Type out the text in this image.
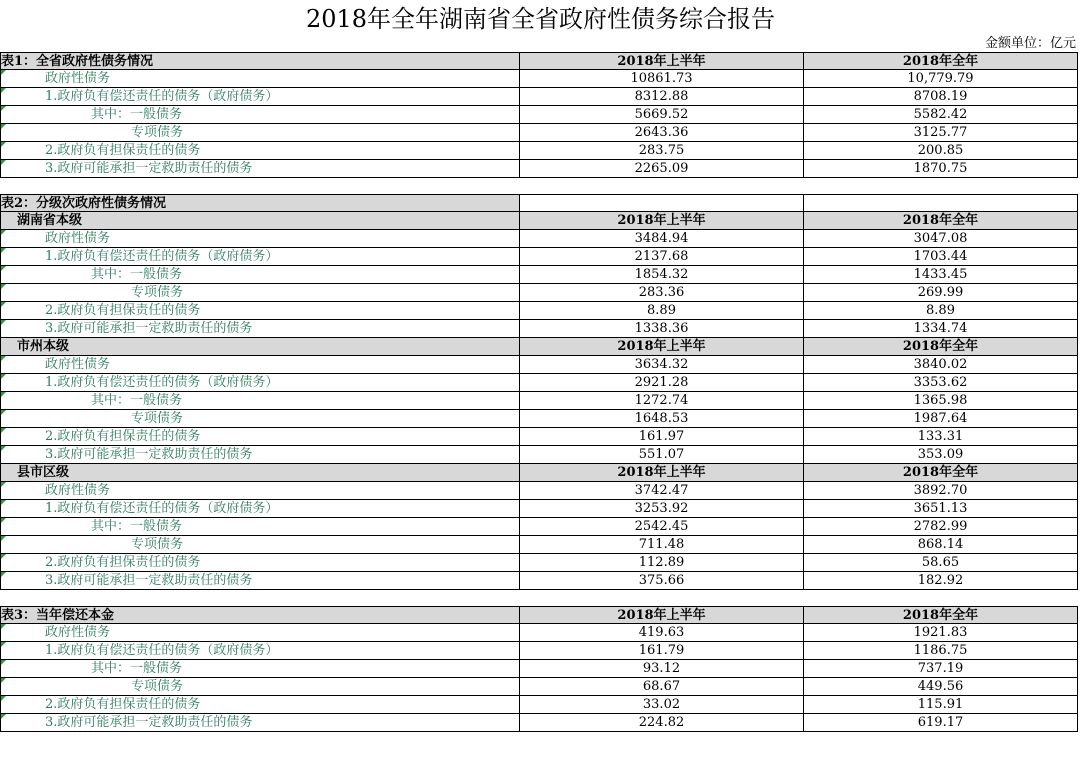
2018年全年湖南省全省政府性债务综合报告
金额单位：亿元
表1：全省政府性债务情况	2018年上半年	2018年全年
政府性债务	10861.73	10,779.79
1.政府负有偿还责任的债务（政府债务）	8312.88	8708.19
其中：一般债务	5669.52	5582.42
专项债务	2643.36	3125.77
2.政府负有担保责任的债务	283.75	200.85
3.政府可能承担一定救助责任的债务	2265.09	1870.75
表2：分级次政府性债务情况
湖南省本级	2018年上半年	2018年全年
政府性债务	3484.94	3047.08
1.政府负有偿还责任的债务（政府债务）	2137.68	1703.44
其中：一般债务	1854.32	1433.45
专项债务	283.36	269.99
2.政府负有担保责任的债务	8.89	8.89
3.政府可能承担一定救助责任的债务	1338.36	1334.74
市州本级	2018年上半年	2018年全年
政府性债务	3634.32	3840.02
1.政府负有偿还责任的债务（政府债务）	2921.28	3353.62
其中：一般债务	1272.74	1365.98
专项债务	1648.53	1987.64
2.政府负有担保责任的债务	161.97	133.31
3.政府可能承担一定救助责任的债务	551.07	353.09
县市区级	2018年上半年	2018年全年
政府性债务	3742.47	3892.70
1.政府负有偿还责任的债务（政府债务）	3253.92	3651.13
其中：一般债务	2542.45	2782.99
专项债务	711.48	868.14
2.政府负有担保责任的债务	112.89	58.65
3.政府可能承担一定救助责任的债务	375.66	182.92
表3：当年偿还本金	2018年上半年	2018年全年
政府性债务	419.63	1921.83
1.政府负有偿还责任的债务（政府债务）	161.79	1186.75
其中：一般债务	93.12	737.19
专项债务	68.67	449.56
2.政府负有担保责任的债务	33.02	115.91
3.政府可能承担一定救助责任的债务	224.82	619.17
